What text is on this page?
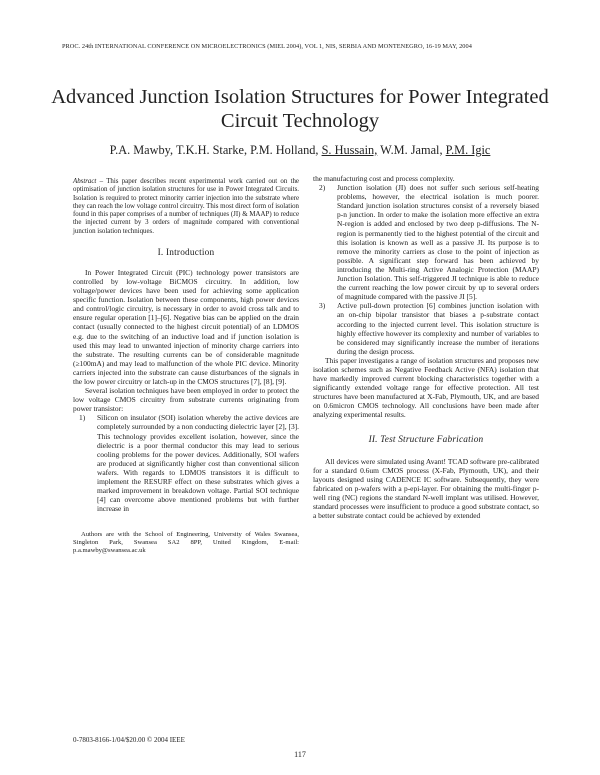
PROC. 24th INTERNATIONAL CONFERENCE ON MICROELECTRONICS (MIEL 2004), VOL 1, NIS, SERBIA AND MONTENEGRO, 16-19 MAY, 2004
Advanced Junction Isolation Structures for Power Integrated Circuit Technology
P.A. Mawby, T.K.H. Starke, P.M. Holland, S. Hussain, W.M. Jamal, P.M. Igic
Abstract – This paper describes recent experimental work carried out on the optimisation of junction isolation structures for use in Power Integrated Circuits. Isolation is required to protect minority carrier injection into the substrate where they can reach the low voltage control circuitry. This most direct form of isolation found in this paper comprises of a number of techniques (JI) & MAAP) to reduce the injected current by 3 orders of magnitude compared with conventional junction isolation techniques.
I. Introduction

In Power Integrated Circuit (PIC) technology power transistors are controlled by low-voltage BiCMOS circuitry. In addition, low voltage/power devices have been used for achieving some application specific function. Isolation between these components, high power devices and control/logic circuitry, is necessary in order to avoid cross talk and to ensure regular operation [1]–[6]. Negative bias can be applied on the drain contact (usually connected to the highest circuit potential) of an LDMOS e.g. due to the switching of an inductive load and if junction isolation is used this may lead to unwanted injection of minority charge carriers into the substrate. The resulting currents can be of considerable magnitude (≥100mA) and may lead to malfunction of the whole PIC device. Minority carriers injected into the substrate can cause disturbances of the signals in the low power circuitry or latch-up in the CMOS structures [7], [8], [9].

Several isolation techniques have been employed in order to protect the low voltage CMOS circuitry from substrate currents originating from power transistor:

1) Silicon on insulator (SOI) isolation whereby the active devices are completely surrounded by a non conducting dielectric layer [2], [3]. This technology provides excellent isolation, however, since the dielectric is a poor thermal conductor this may lead to serious cooling problems for the power devices. Additionally, SOI wafers are produced at significantly higher cost than conventional silicon wafers. With regards to LDMOS transistors it is difficult to implement the RESURF effect on these substrates which gives a marked improvement in breakdown voltage. Partial SOI technique [4] can overcome above mentioned problems but with further increase in
Authors are with the School of Engineering, University of Wales Swansea, Singleton Park, Swansea SA2 8PP, United Kingdom, E-mail: p.a.mawby@swansea.ac.uk
the manufacturing cost and process complexity.
2) Junction isolation (JI) does not suffer such serious self-heating problems, however, the electrical isolation is much poorer. Standard junction isolation structures consist of a reversely biased p-n junction. In order to make the isolation more effective an extra N-region is added and enclosed by two deep p-diffusions. The N-region is permanently tied to the highest potential of the circuit and this isolation is known as well as a passive JI. Its purpose is to remove the minority carriers as close to the point of injection as possible. A significant step forward has been achieved by introducing the Multi-ring Active Analogic Protection (MAAP) Junction Isolation. This self-triggered JI technique is able to reduce the current reaching the low power circuit by up to several orders of magnitude compared with the passive JI [5].
3) Active pull-down protection [6] combines junction isolation with an on-chip bipolar transistor that biases a p-substrate contact according to the injected current level. This isolation structure is highly effective however its complexity and number of variables to be considered may significantly increase the number of iterations during the design process.

This paper investigates a range of isolation structures and proposes new isolation schemes such as Negative Feedback Active (NFA) isolation that have markedly improved current blocking characteristics together with a significantly extended voltage range for effective protection. All test structures have been manufactured at X-Fab, Plymouth, UK, and are based on 0.6micron CMOS technology. All conclusions have been made after analyzing experimental results.

II. Test Structure Fabrication

All devices were simulated using Avant! TCAD software pre-calibrated for a standard 0.6um CMOS process (X-Fab, Plymouth, UK), and their layouts designed using CADENCE IC software. Subsequently, they were fabricated on p-wafers with a p-epi-layer. For obtaining the multi-finger p-well ring (NC) regions the standard N-well implant was utilised. However, standard processes were insufficient to produce a good substrate contact, so a better substrate contact could be achieved by extended

0-7803-8166-1/04/$20.00 © 2004 IEEE
117
